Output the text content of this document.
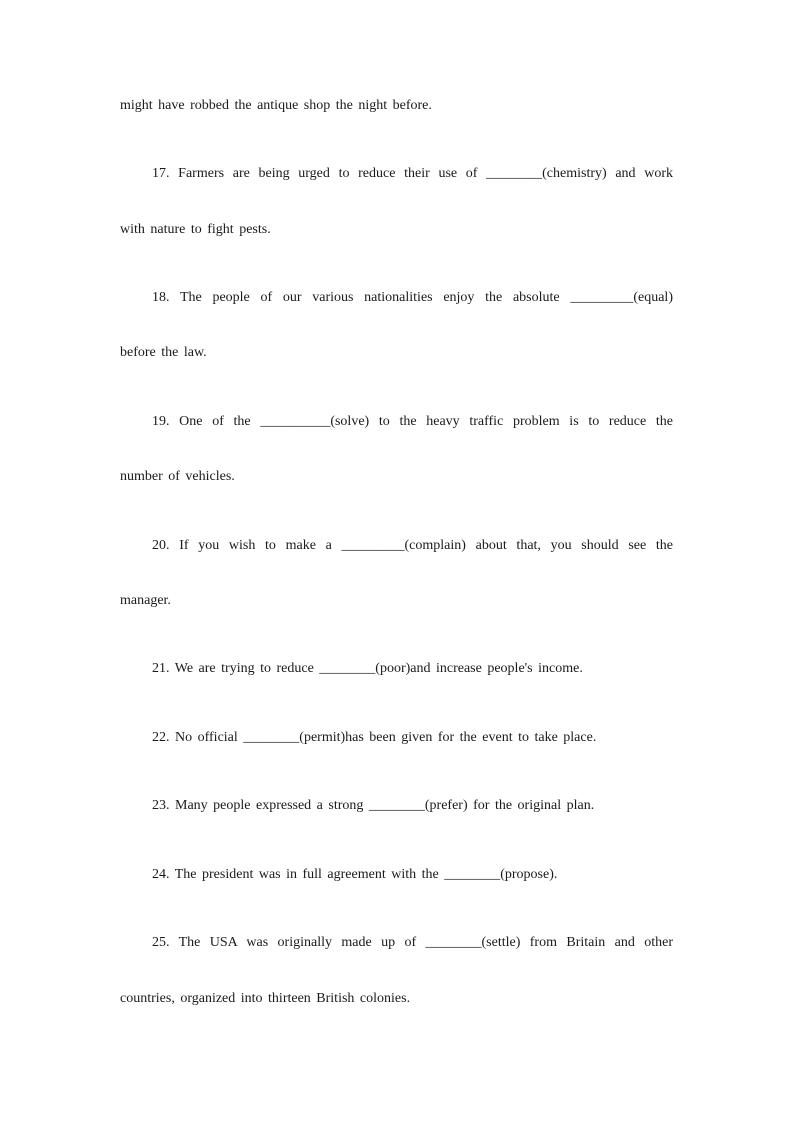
might have robbed the antique shop the night before.
17. Farmers are being urged to reduce their use of ________(chemistry) and work
with nature to fight pests.
18. The people of our various nationalities enjoy the absolute _________(equal)
before the law.
19. One of the __________(solve) to the heavy traffic problem is to reduce the
number of vehicles.
20. If you wish to make a _________(complain) about that, you should see the
manager.
21. We are trying to reduce ________(poor)and increase people's income.
22. No official ________(permit)has been given for the event to take place.
23. Many people expressed a strong ________(prefer) for the original plan.
24. The president was in full agreement with the ________(propose).
25. The USA was originally made up of ________(settle) from Britain and other
countries, organized into thirteen British colonies.
